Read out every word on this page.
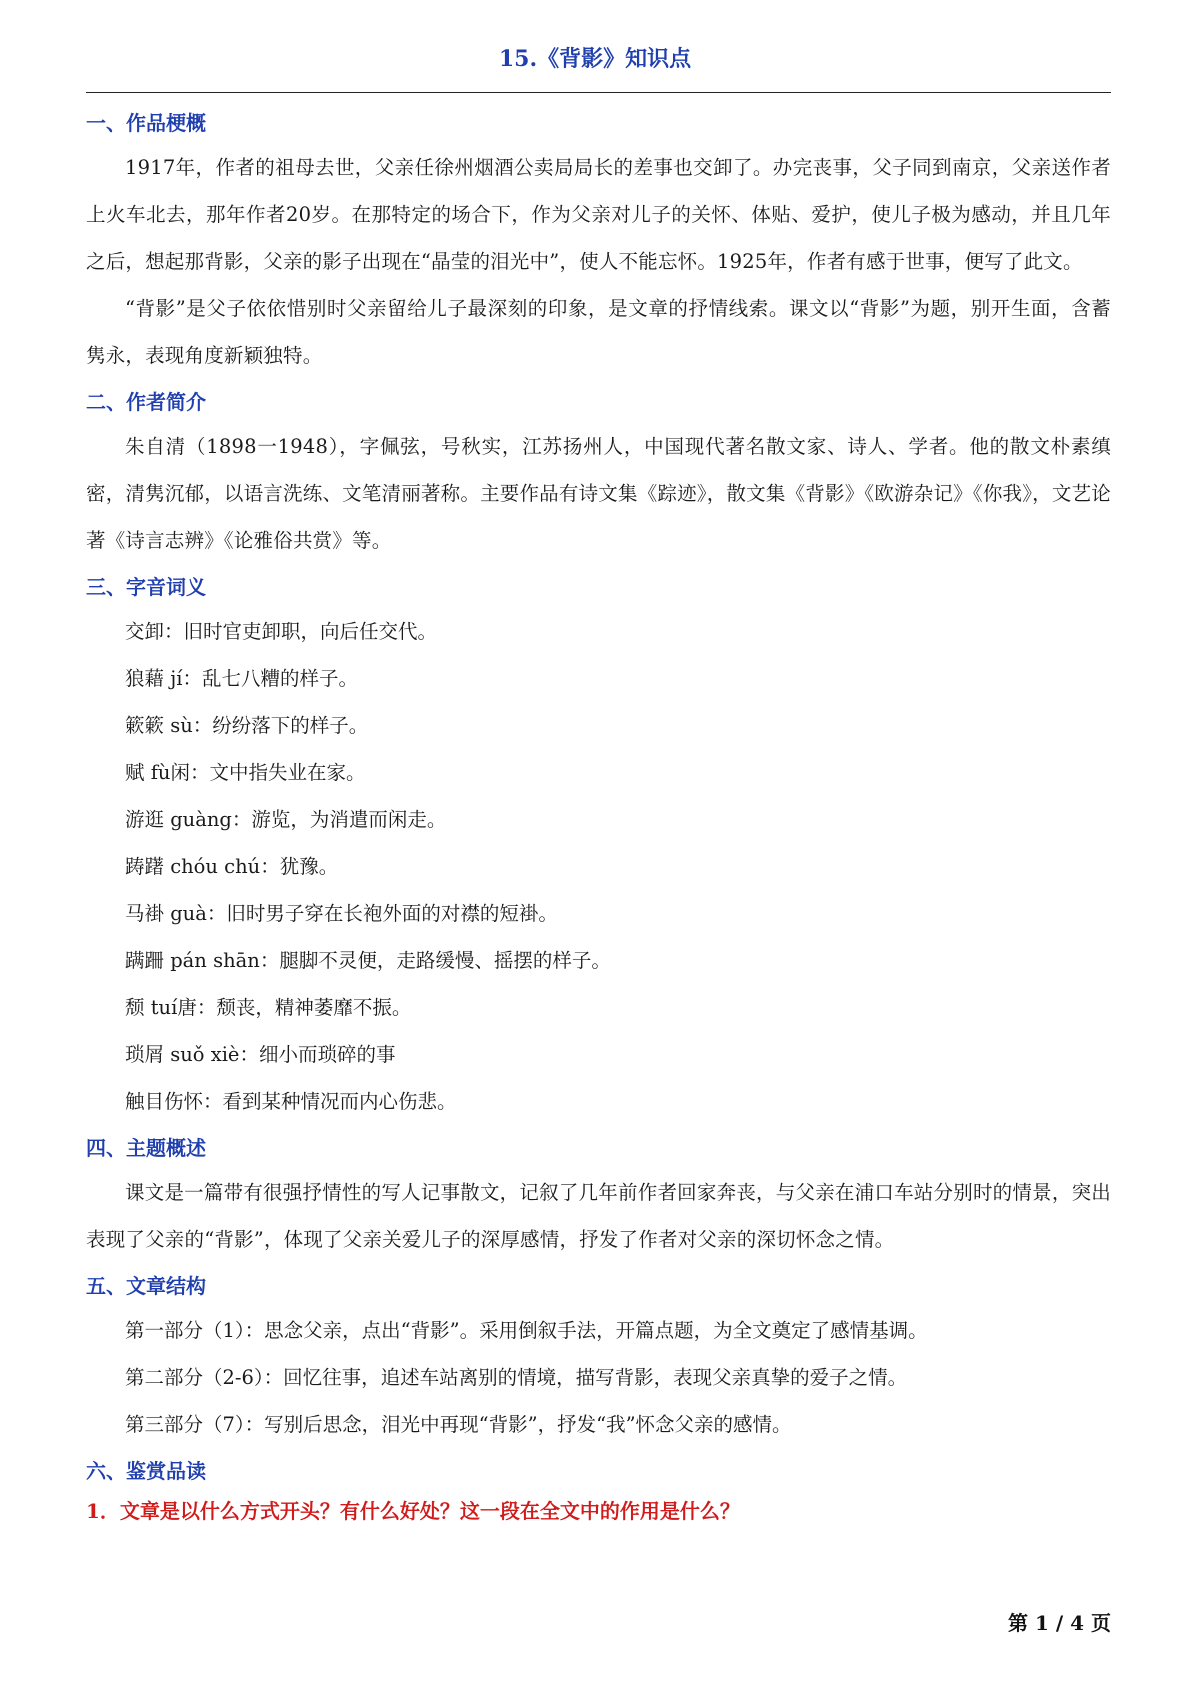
15.《背影》知识点
一、作品梗概

1917年，作者的祖母去世，父亲任徐州烟酒公卖局局长的差事也交卸了。办完丧事，父子同到南京，父亲送作者上火车北去，那年作者20岁。在那特定的场合下，作为父亲对儿子的关怀、体贴、爱护，使儿子极为感动，并且几年之后，想起那背影，父亲的影子出现在“晶莹的泪光中”，使人不能忘怀。1925年，作者有感于世事，便写了此文。

“背影”是父子依依惜别时父亲留给儿子最深刻的印象，是文章的抒情线索。课文以“背影”为题，别开生面，含蓄隽永，表现角度新颖独特。

二、作者简介

朱自清（1898一1948），字佩弦，号秋实，江苏扬州人，中国现代著名散文家、诗人、学者。他的散文朴素缜密，清隽沉郁，以语言洗练、文笔清丽著称。主要作品有诗文集《踪迹》，散文集《背影》《欧游杂记》《你我》，文艺论著《诗言志辨》《论雅俗共赏》等。

三、字音词义
交卸：旧时官吏卸职，向后任交代。
狼藉 jí：乱七八糟的样子。
簌簌 sù：纷纷落下的样子。
赋 fù闲：文中指失业在家。
游逛 guàng：游览，为消遣而闲走。
踌躇 chóu chú：犹豫。
马褂 guà：旧时男子穿在长袍外面的对襟的短褂。
蹒跚 pán shān：腿脚不灵便，走路缓慢、摇摆的样子。
颓 tuí唐：颓丧，精神萎靡不振。
琐屑 suǒ xiè：细小而琐碎的事
触目伤怀：看到某种情况而内心伤悲。
四、主题概述

课文是一篇带有很强抒情性的写人记事散文，记叙了几年前作者回家奔丧，与父亲在浦口车站分别时的情景，突出表现了父亲的“背影”，体现了父亲关爱儿子的深厚感情，抒发了作者对父亲的深切怀念之情。

五、文章结构
第一部分（1）：思念父亲，点出“背影”。采用倒叙手法，开篇点题，为全文奠定了感情基调。
第二部分（2-6）：回忆往事，追述车站离别的情境，描写背影，表现父亲真挚的爱子之情。
第三部分（7）：写别后思念，泪光中再现“背影”，抒发“我”怀念父亲的感情。
六、鉴赏品读
1．文章是以什么方式开头？有什么好处？这一段在全文中的作用是什么？
第 1 / 4 页
